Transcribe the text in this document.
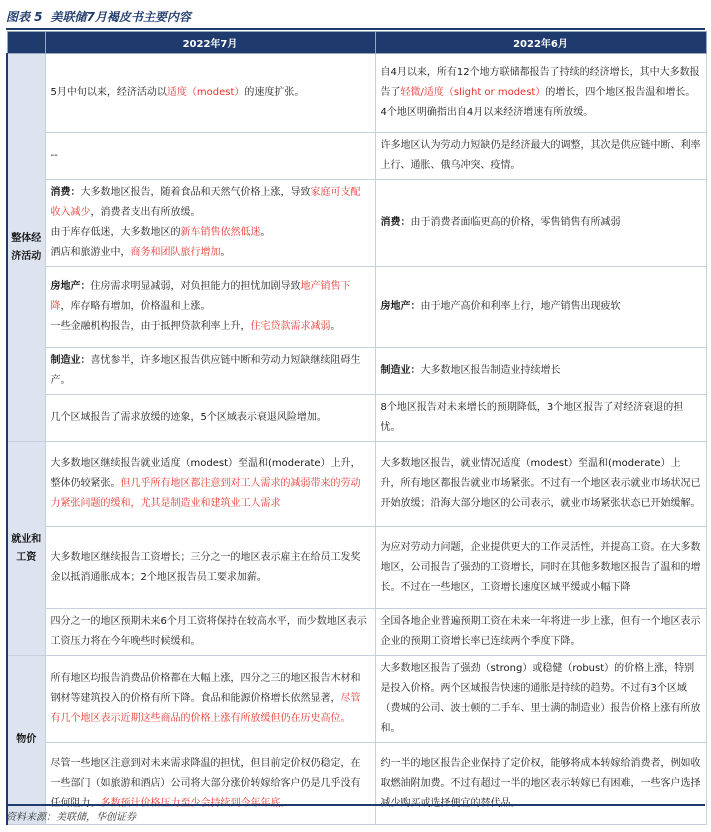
图表 5 美联储7月褐皮书主要内容
	2022年7月	2022年6月
整体经济活动	5月中旬以来，经济活动以适度（modest）的速度扩张。	自4月以来，所有12个地方联储都报告了持续的经济增长，其中大多数报告了轻微/适度（slight or modest）的增长，四个地区报告温和增长。4个地区明确指出自4月以来经济增速有所放缓。
	--	许多地区认为劳动力短缺仍是经济最大的调整，其次是供应链中断、利率上行、通胀、俄乌冲突、疫情。
	消费：大多数地区报告，随着食品和天然气价格上涨，导致家庭可支配收入减少，消费者支出有所放缓。
由于库存低迷，大多数地区的新车销售依然低迷。
酒店和旅游业中，商务和团队旅行增加。	消费：由于消费者面临更高的价格，零售销售有所减弱
	房地产：住房需求明显减弱，对负担能力的担忧加剧导致地产销售下降，库存略有增加，价格温和上涨。
一些金融机构报告，由于抵押贷款利率上升，住宅贷款需求减弱。	房地产：由于地产高价和利率上行，地产销售出现疲软
	制造业：喜忧参半，许多地区报告供应链中断和劳动力短缺继续阻碍生产。	制造业：大多数地区报告制造业持续增长
	几个区域报告了需求放缓的迹象，5个区域表示衰退风险增加。	8个地区报告对未来增长的预期降低，3个地区报告了对经济衰退的担忧。
就业和工资	大多数地区继续报告就业适度（modest）至温和(moderate）上升，整体仍较紧张。但几乎所有地区都注意到对工人需求的减弱带来的劳动力紧张问题的缓和，尤其是制造业和建筑业工人需求	大多数地区报告，就业情况适度（modest）至温和(moderate）上升，所有地区都报告就业市场紧张。不过有一个地区表示就业市场状况已开始放缓；沿海大部分地区的公司表示，就业市场紧张状态已开始缓解。
	大多数地区继续报告工资增长；三分之一的地区表示雇主在给员工发奖金以抵消通胀成本；2个地区报告员工要求加薪。	为应对劳动力问题，企业提供更大的工作灵活性，并提高工资。在大多数地区，公司报告了强劲的工资增长，同时在其他多数地区报告了温和的增长。不过在一些地区，工资增长速度区域平缓或小幅下降
	四分之一的地区预期未来6个月工资将保持在较高水平，而少数地区表示工资压力将在今年晚些时候缓和。	全国各地企业普遍预期工资在未来一年将进一步上涨，但有一个地区表示企业的预期工资增长率已连续两个季度下降。
物价	所有地区均报告消费品价格都在大幅上涨，四分之三的地区报告木材和钢材等建筑投入的价格有所下降。食品和能源价格增长依然显著，尽管有几个地区表示近期这些商品的价格上涨有所放缓但仍在历史高位。	大多数地区报告了强劲（strong）或稳健（robust）的价格上涨，特别是投入价格。两个区域报告快速的通胀是持续的趋势。不过有3个区域（费城的公司、波士顿的二手车、里士满的制造业）报告价格上涨有所放和。
	尽管一些地区注意到对未来需求降温的担忧，但目前定价权仍稳定，在一些部门（如旅游和酒店）公司将大部分涨价转嫁给客户仍是几乎没有任何阻力。多数预计价格压力至少会持续到今年年底。	约一半的地区报告企业保持了定价权，能够将成本转嫁给消费者，例如收取燃油附加费。不过有超过一半的地区表示转嫁已有困难，一些客户选择减少购买或选择便宜的替代品。
资料来源：美联储，华创证券
